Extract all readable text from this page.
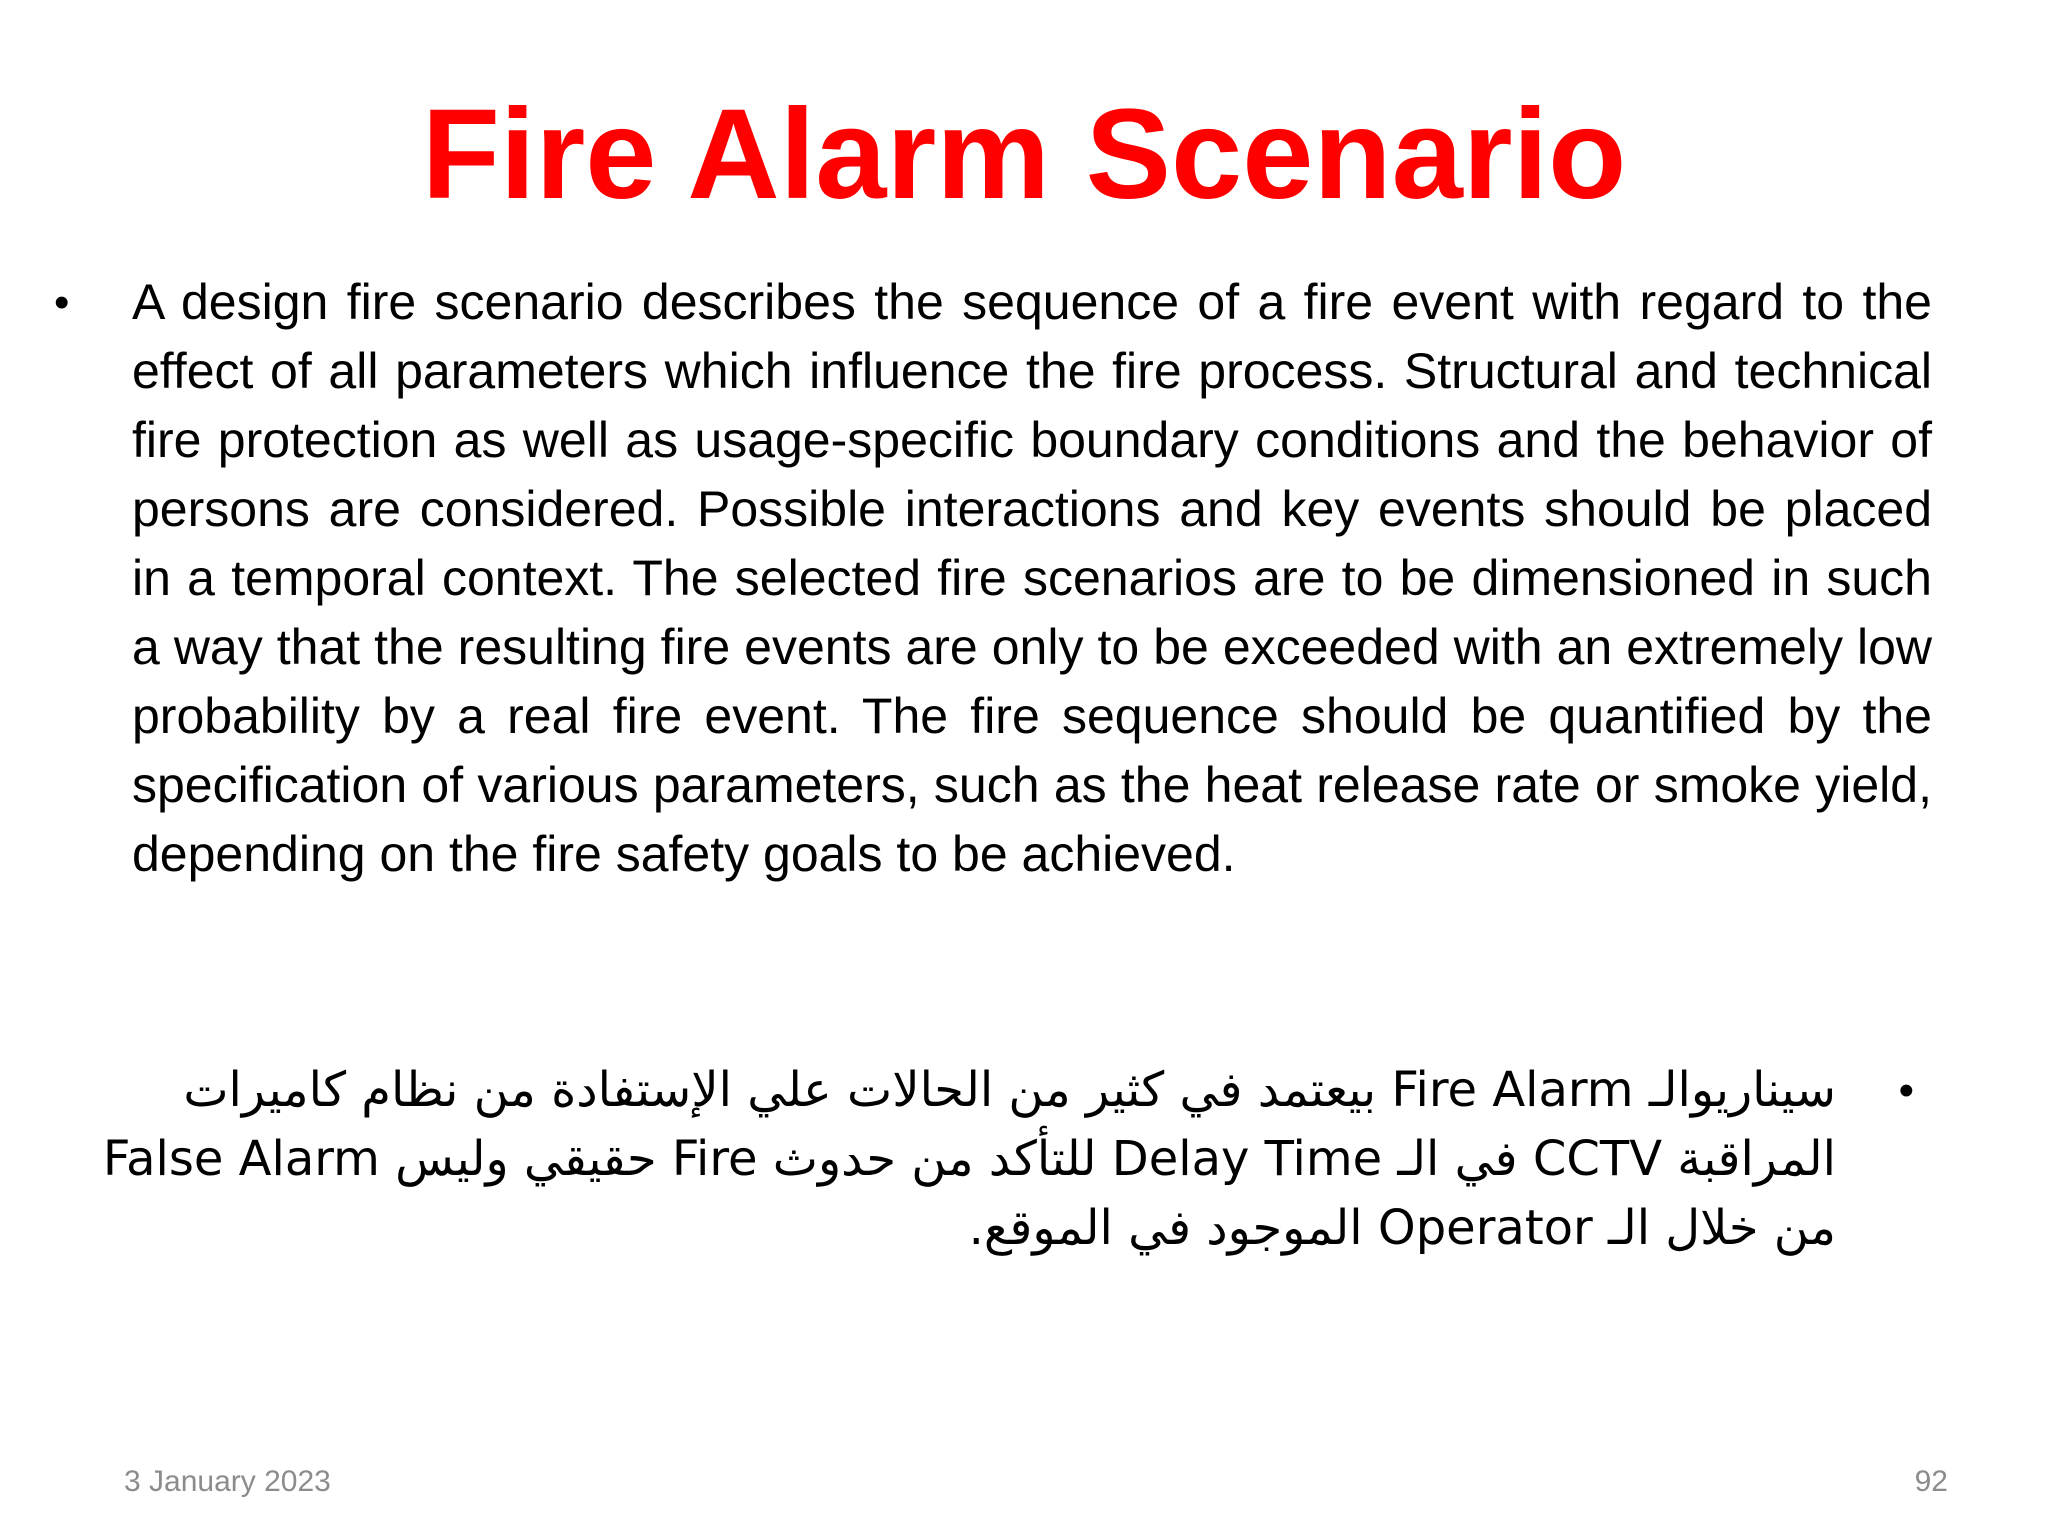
Fire Alarm Scenario
• A design fire scenario describes the sequence of a fire event with regard to the effect of all parameters which influence the fire process. Structural and technical fire protection as well as usage-specific boundary conditions and the behavior of persons are considered. Possible interactions and key events should be placed in a temporal context. The selected fire scenarios are to be dimensioned in such a way that the resulting fire events are only to be exceeded with an extremely low probability by a real fire event. The fire sequence should be quantified by the specification of various parameters, such as the heat release rate or smoke yield, depending on the fire safety goals to be achieved.
•
سيناريوالـ Fire Alarm بيعتمد في كثير من الحالات علي الإستفادة من نظام كاميرات المراقبة CCTV في الـ Delay Time للتأكد من حدوث Fire حقيقي وليس False Alarm من خلال الـ Operator الموجود في الموقع.
3 January 2023	92
